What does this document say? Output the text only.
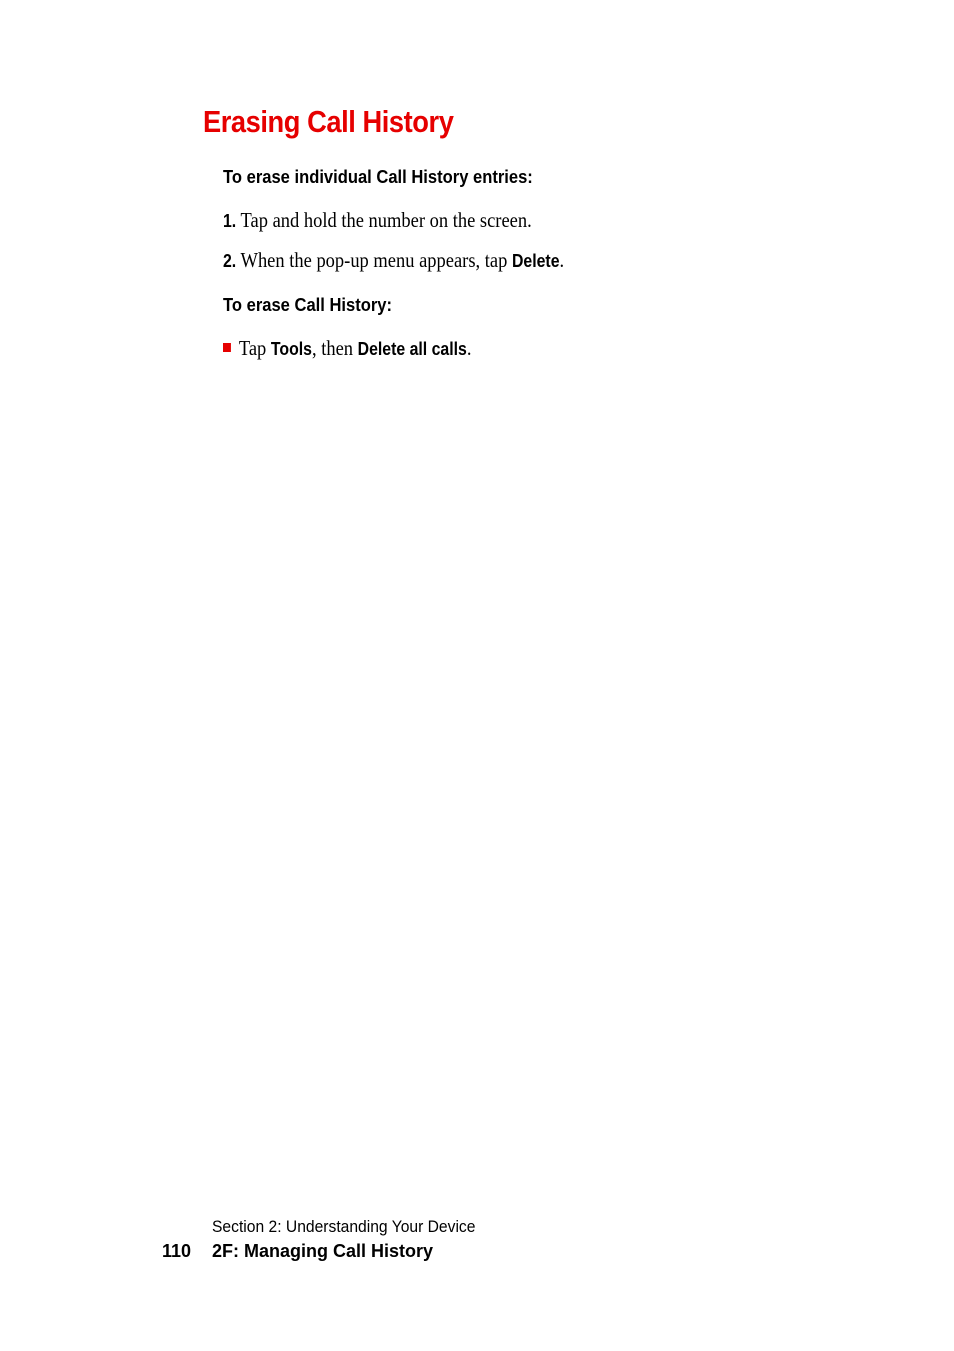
Erasing Call History

To erase individual Call History entries:

1. Tap and hold the number on the screen.

2. When the pop-up menu appears, tap Delete.

To erase Call History:

Tap Tools, then Delete all calls.

Section 2: Understanding Your Device

110 2F: Managing Call History
